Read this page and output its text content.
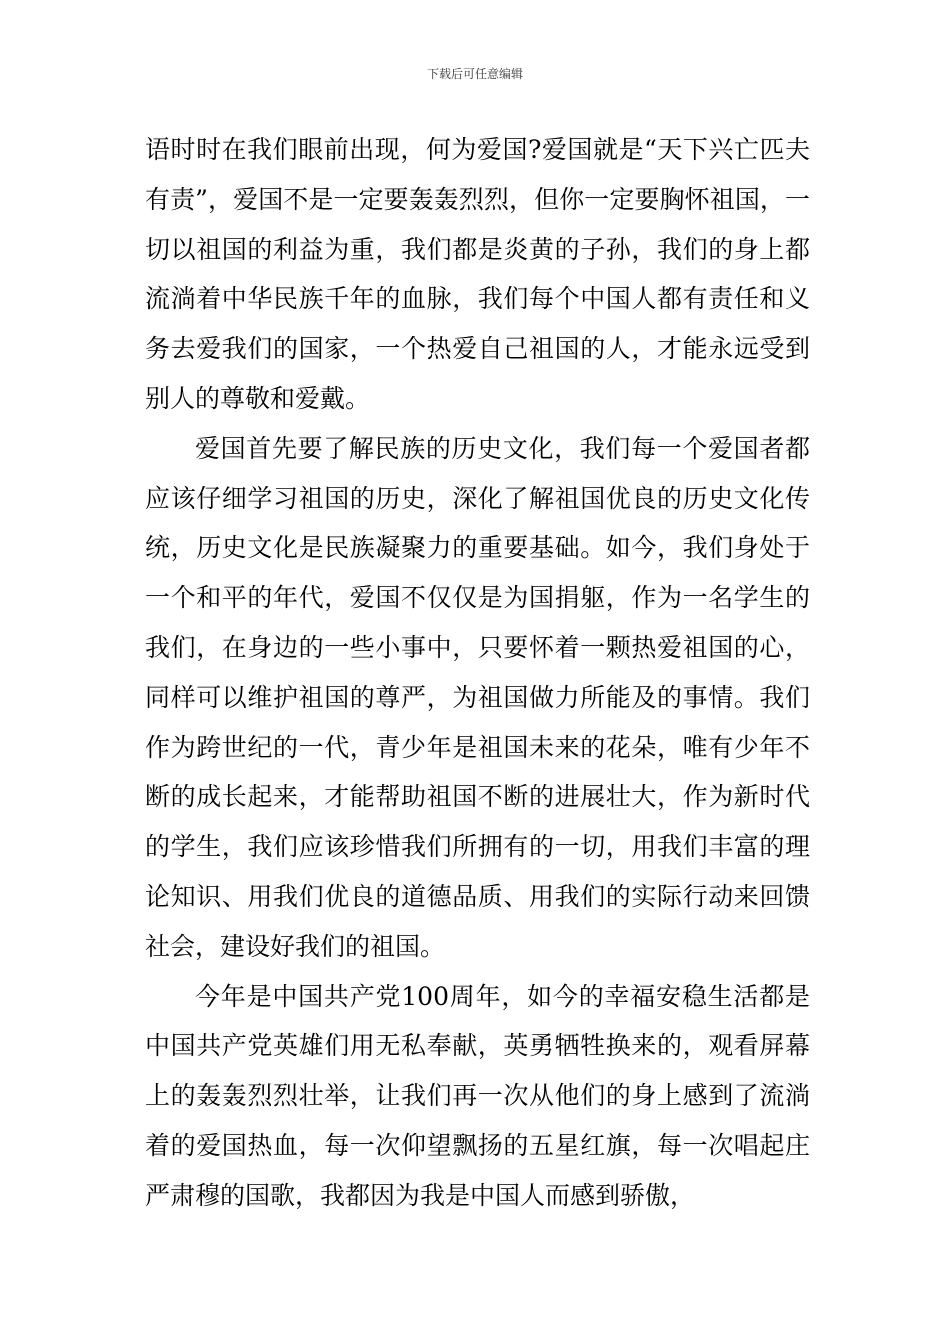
下载后可任意编辑

语时时在我们眼前出现，何为爱国?爱国就是“天下兴亡匹夫有责”，爱国不是一定要轰轰烈烈，但你一定要胸怀祖国，一切以祖国的利益为重，我们都是炎黄的子孙，我们的身上都流淌着中华民族千年的血脉，我们每个中国人都有责任和义务去爱我们的国家，一个热爱自己祖国的人，才能永远受到别人的尊敬和爱戴。

爱国首先要了解民族的历史文化，我们每一个爱国者都应该仔细学习祖国的历史，深化了解祖国优良的历史文化传统，历史文化是民族凝聚力的重要基础。如今，我们身处于一个和平的年代，爱国不仅仅是为国捐躯，作为一名学生的我们，在身边的一些小事中，只要怀着一颗热爱祖国的心，同样可以维护祖国的尊严，为祖国做力所能及的事情。我们作为跨世纪的一代，青少年是祖国未来的花朵，唯有少年不断的成长起来，才能帮助祖国不断的进展壮大，作为新时代的学生，我们应该珍惜我们所拥有的一切，用我们丰富的理论知识、用我们优良的道德品质、用我们的实际行动来回馈社会，建设好我们的祖国。

今年是中国共产党100周年，如今的幸福安稳生活都是中国共产党英雄们用无私奉献，英勇牺牲换来的，观看屏幕上的轰轰烈烈壮举，让我们再一次从他们的身上感到了流淌着的爱国热血，每一次仰望飘扬的五星红旗，每一次唱起庄严肃穆的国歌，我都因为我是中国人而感到骄傲，
